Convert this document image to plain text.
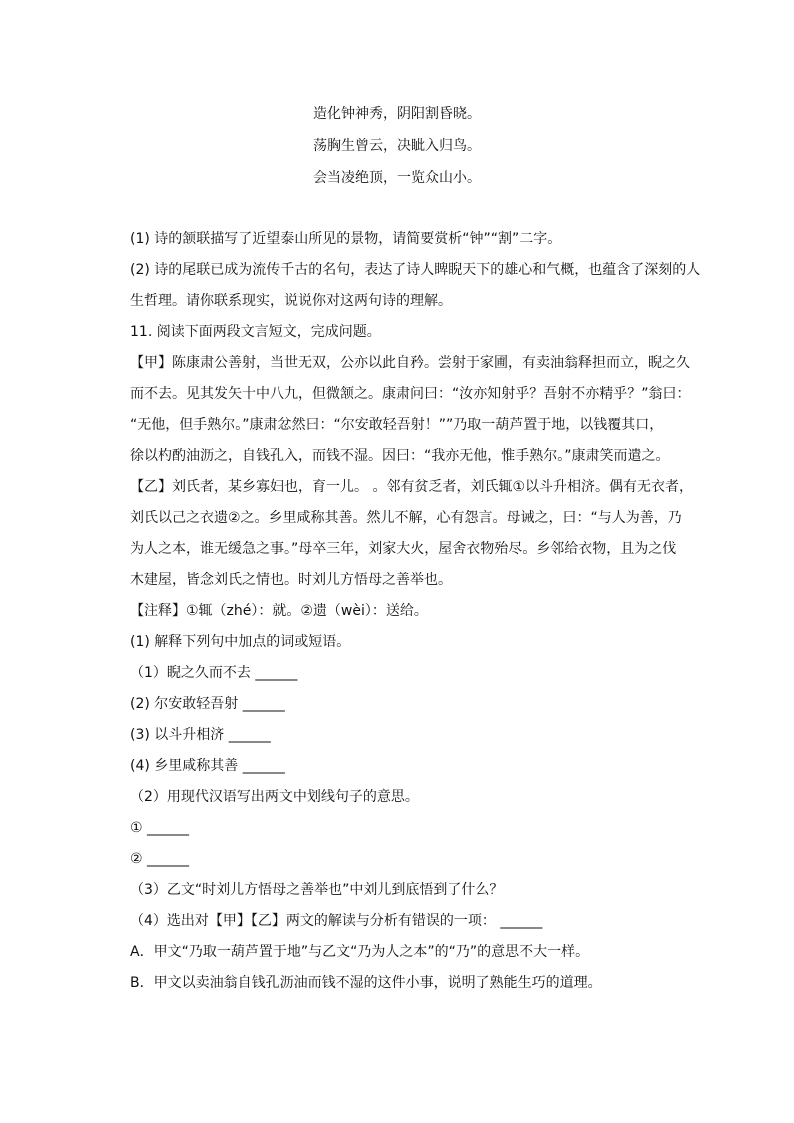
造化钟神秀，阴阳割昏晓。
荡胸生曾云，决眦入归鸟。
会当凌绝顶，一览众山小。
(1) 诗的颔联描写了近望泰山所见的景物，请简要赏析“钟”“割”二字。
(2) 诗的尾联已成为流传千古的名句，表达了诗人睥睨天下的雄心和气概，也蕴含了深刻的人
生哲理。请你联系现实，说说你对这两句诗的理解。
11. 阅读下面两段文言短文，完成问题。
【甲】陈康肃公善射，当世无双，公亦以此自矜。尝射于家圃，有卖油翁释担而立，睨之久
而不去。见其发矢十中八九，但微颔之。康肃问曰：“汝亦知射乎？吾射不亦精乎？”翁曰：
“无他，但手熟尔。”康肃忿然曰：“尔安敢轻吾射！””乃取一葫芦置于地，以钱覆其口，
徐以杓酌油沥之，自钱孔入，而钱不湿。因曰：“我亦无他，惟手熟尔。”康肃笑而遣之。
【乙】刘氏者，某乡寡妇也，育一儿。 。邻有贫乏者，刘氏辄①以斗升相济。偶有无衣者，
刘氏以己之衣遗②之。乡里咸称其善。然儿不解，心有怨言。母诫之，曰：“与人为善，乃
为人之本，谁无缓急之事。”母卒三年，刘家大火，屋舍衣物殆尽。乡邻给衣物，且为之伐
木建屋，皆念刘氏之情也。时刘儿方悟母之善举也。
【注释】①辄（zhé）：就。②遗（wèi）：送给。
(1) 解释下列句中加点的词或短语。
（1）睨之久而不去 ______
(2) 尔安敢轻吾射 ______
(3) 以斗升相济 ______
(4) 乡里咸称其善 ______
（2）用现代汉语写出两文中划线句子的意思。
① ______
② ______
（3）乙文“时刘儿方悟母之善举也”中刘儿到底悟到了什么？
（4）选出对【甲】【乙】两文的解读与分析有错误的一项： ______
A．甲文“乃取一葫芦置于地”与乙文“乃为人之本”的“乃”的意思不大一样。
B．甲文以卖油翁自钱孔沥油而钱不湿的这件小事，说明了熟能生巧的道理。
